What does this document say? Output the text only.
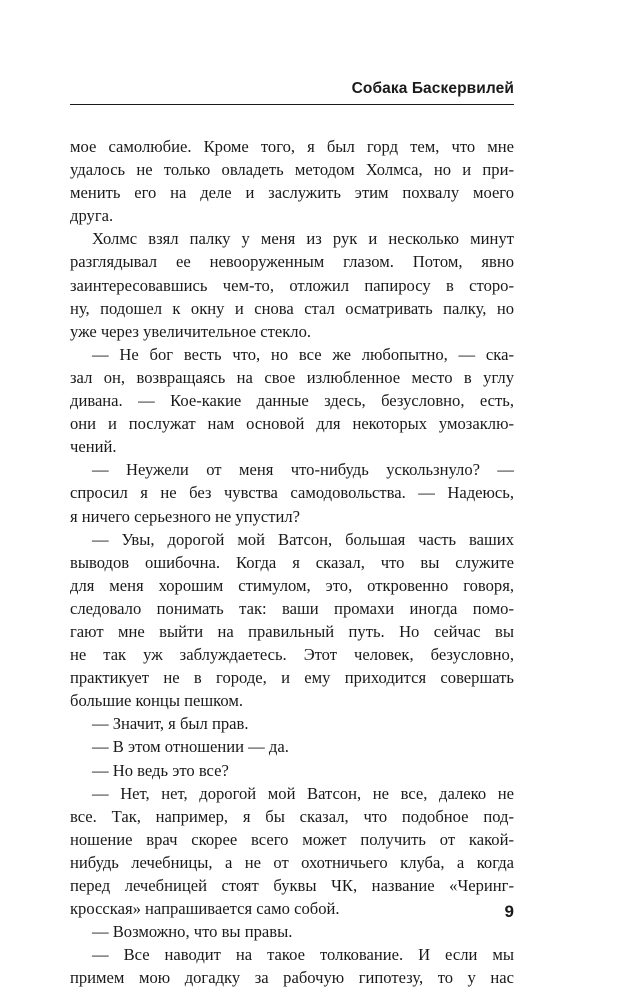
Собака Баскервилей
мое самолюбие. Кроме того, я был горд тем, что мне
удалось не только овладеть методом Холмса, но и при-
менить его на деле и заслужить этим похвалу моего
друга.
Холмс взял палку у меня из рук и несколько минут
разглядывал ее невооруженным глазом. Потом, явно
заинтересовавшись чем-то, отложил папиросу в сторо-
ну, подошел к окну и снова стал осматривать палку, но
уже через увеличительное стекло.
— Не бог весть что, но все же любопытно, — ска-
зал он, возвращаясь на свое излюбленное место в углу
дивана. — Кое-какие данные здесь, безусловно, есть,
они и послужат нам основой для некоторых умозаклю-
чений.
— Неужели от меня что-нибудь ускользнуло? —
спросил я не без чувства самодовольства. — Надеюсь,
я ничего серьезного не упустил?
— Увы, дорогой мой Ватсон, большая часть ваших
выводов ошибочна. Когда я сказал, что вы служите
для меня хорошим стимулом, это, откровенно говоря,
следовало понимать так: ваши промахи иногда помо-
гают мне выйти на правильный путь. Но сейчас вы
не так уж заблуждаетесь. Этот человек, безусловно,
практикует не в городе, и ему приходится совершать
большие концы пешком.
— Значит, я был прав.
— В этом отношении — да.
— Но ведь это все?
— Нет, нет, дорогой мой Ватсон, не все, далеко не
все. Так, например, я бы сказал, что подобное под-
ношение врач скорее всего может получить от какой-
нибудь лечебницы, а не от охотничьего клуба, а когда
перед лечебницей стоят буквы ЧК, название «Черинг-
кросская» напрашивается само собой.
— Возможно, что вы правы.
— Все наводит на такое толкование. И если мы
примем мою догадку за рабочую гипотезу, то у нас
9
